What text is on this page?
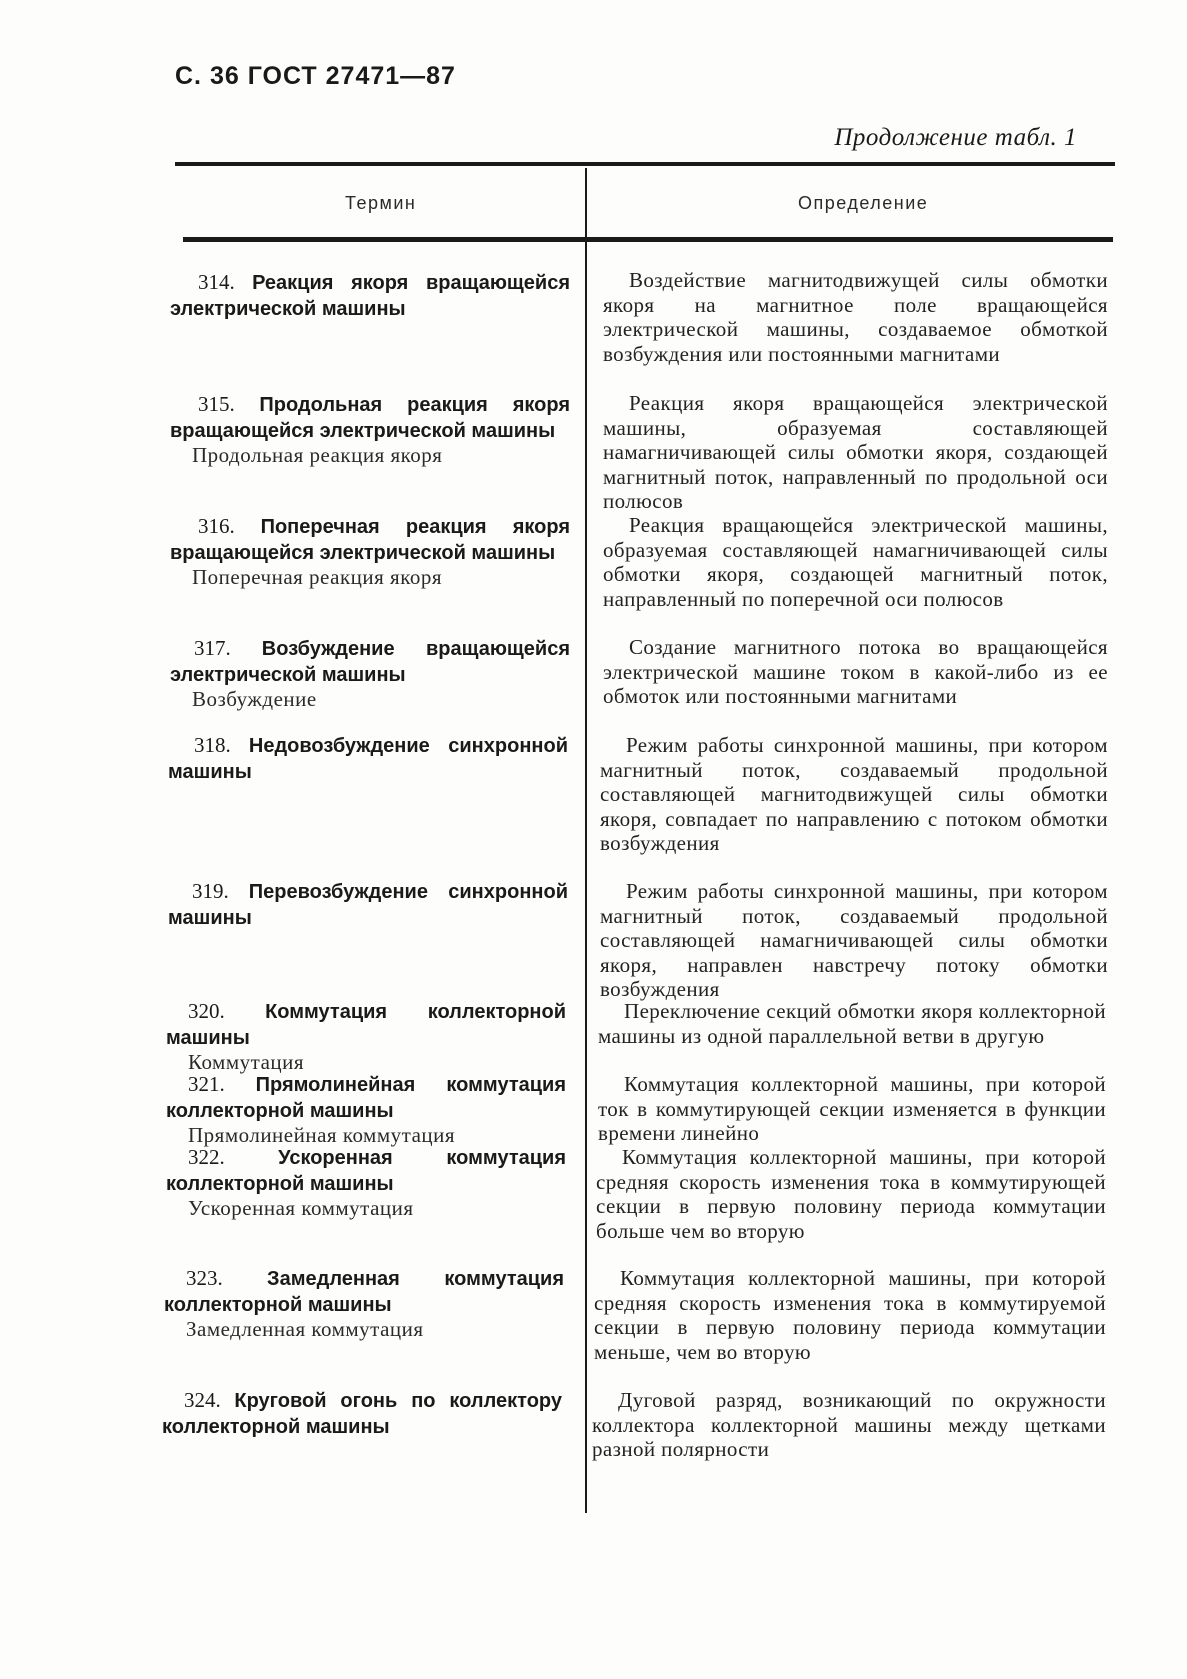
С. 36 ГОСТ 27471—87
Продолжение табл. 1
Термин	Определение
314. Реакция якоря вращающейся электрической машины
Воздействие магнитодвижущей силы обмотки якоря на магнитное поле вращающейся электрической машины, создаваемое обмоткой возбуждения или постоянными магнитами
315. Продольная реакция якоря вращающейся электрической машины
Продольная реакция якоря
Реакция якоря вращающейся электрической машины, образуемая составляющей намагничивающей силы обмотки якоря, создающей магнитный поток, направленный по продольной оси полюсов
316. Поперечная реакция якоря вращающейся электрической машины
Поперечная реакция якоря
Реакция вращающейся электрической машины, образуемая составляющей намагничивающей силы обмотки якоря, создающей магнитный поток, направленный по поперечной оси полюсов
317. Возбуждение вращающейся электрической машины
Возбуждение
Создание магнитного потока во вращающейся электрической машине током в какой-либо из ее обмоток или постоянными магнитами
318. Недовозбуждение синхронной машины
Режим работы синхронной машины, при котором магнитный поток, создаваемый продольной составляющей магнитодвижущей силы обмотки якоря, совпадает по направлению с потоком обмотки возбуждения
319. Перевозбуждение синхронной машины
Режим работы синхронной машины, при котором магнитный поток, создаваемый продольной составляющей намагничивающей силы обмотки якоря, направлен навстречу потоку обмотки возбуждения
320. Коммутация коллекторной машины
Коммутация
Переключение секций обмотки якоря коллекторной машины из одной параллельной ветви в другую
321. Прямолинейная коммутация коллекторной машины
Прямолинейная коммутация
Коммутация коллекторной машины, при которой ток в коммутирующей секции изменяется в функции времени линейно
322.	Ускоренная коммутация коллекторной машины
Ускоренная коммутация
Коммутация коллекторной машины, при которой средняя скорость изменения тока в коммутирующей секции в первую половину периода коммутации больше чем во вторую
323. Замедленная коммутация коллекторной машины
Замедленная коммутация
Коммутация коллекторной машины, при которой средняя скорость изменения тока в коммутируемой секции в первую половину периода коммутации меньше, чем во вторую
324. Круговой огонь по коллектору коллекторной машины
Дуговой разряд, возникающий по окружности коллектора коллекторной машины между щетками разной полярности
